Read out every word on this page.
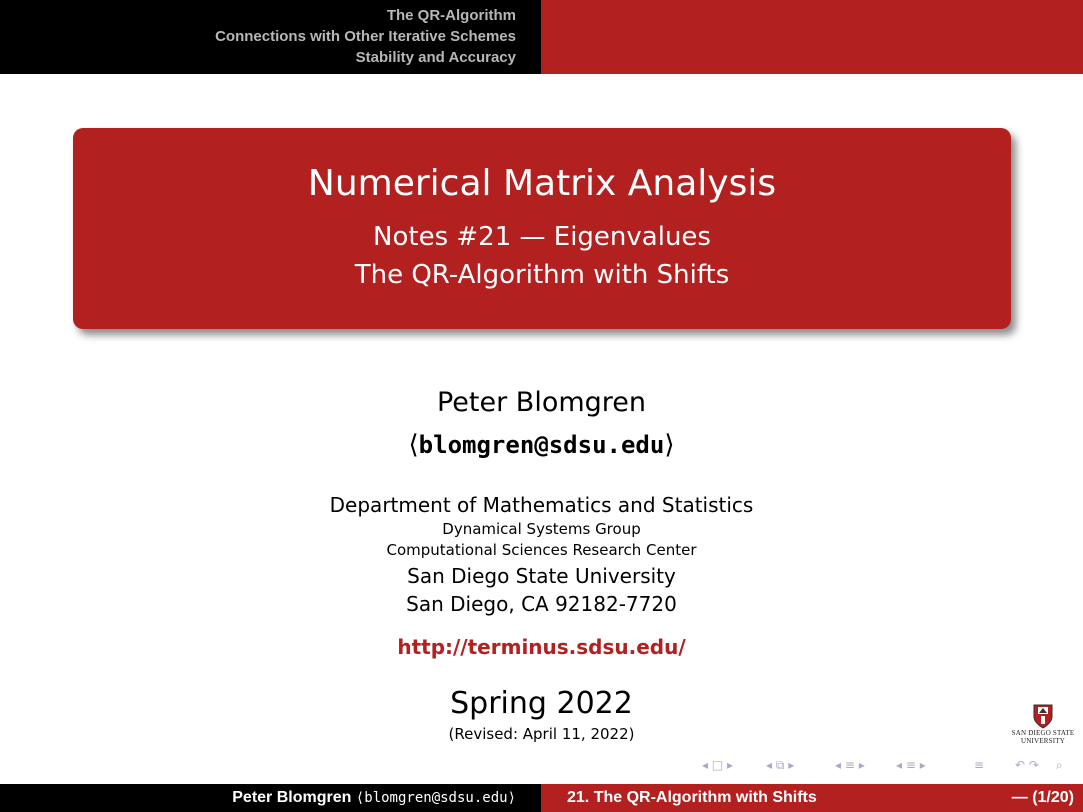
The QR-Algorithm
Connections with Other Iterative Schemes
Stability and Accuracy
Numerical Matrix Analysis
Notes #21 — Eigenvalues
The QR-Algorithm with Shifts
Peter Blomgren
⟨blomgren@sdsu.edu⟩
Department of Mathematics and Statistics
Dynamical Systems Group
Computational Sciences Research Center
San Diego State University
San Diego, CA 92182-7720
http://terminus.sdsu.edu/
Spring 2022
(Revised: April 11, 2022)	SAN DIEGO STATE
UNIVERSITY
◂ □ ▸	◂ ⧉ ▸	◂ ≡ ▸	◂ ≡ ▸	≡	↶ ↷ ⌕
Peter Blomgren ⟨blomgren@sdsu.edu⟩	21. The QR-Algorithm with Shifts	— (1/20)
